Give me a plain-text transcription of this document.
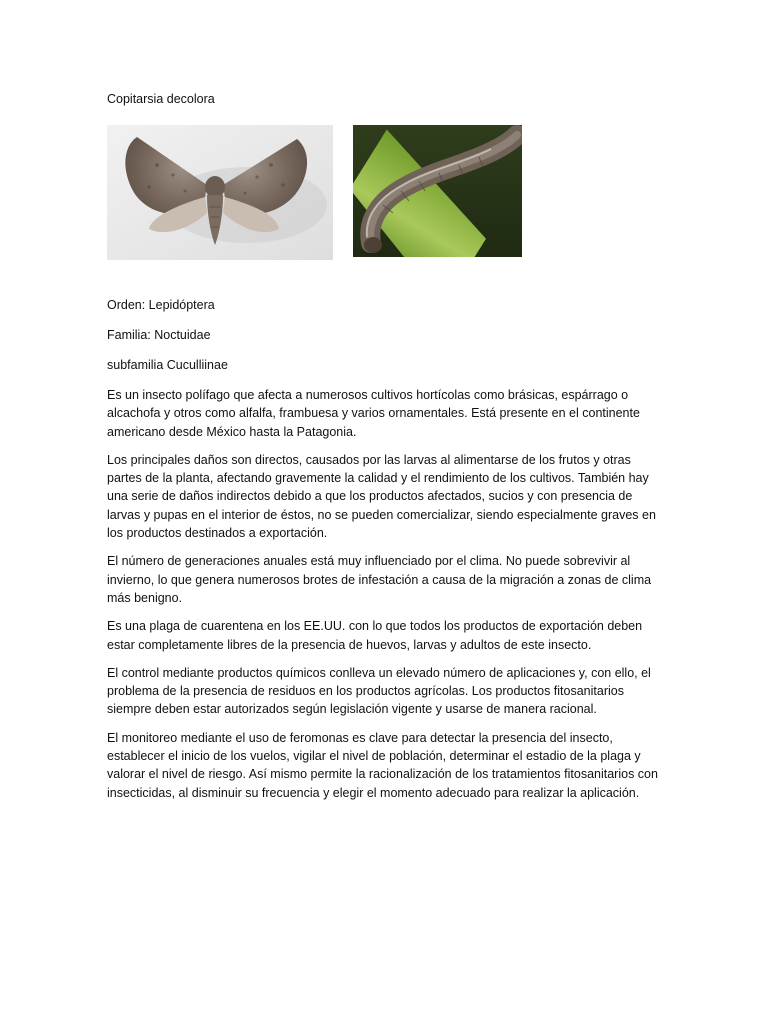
Copitarsia decolora
Orden: Lepidóptera
Familia: Noctuidae
subfamilia Cuculliinae

Es un insecto polífago que afecta a numerosos cultivos hortícolas como brásicas, espárrago o alcachofa y otros como alfalfa, frambuesa y varios ornamentales. Está presente en el continente americano desde México hasta la Patagonia.

Los principales daños son directos, causados por las larvas al alimentarse de los frutos y otras partes de la planta, afectando gravemente la calidad y el rendimiento de los cultivos. También hay una serie de daños indirectos debido a que los productos afectados, sucios y con presencia de larvas y pupas en el interior de éstos, no se pueden comercializar, siendo especialmente graves en los productos destinados a exportación.

El número de generaciones anuales está muy influenciado por el clima. No puede sobrevivir al invierno, lo que genera numerosos brotes de infestación a causa de la migración a zonas de clima más benigno.

Es una plaga de cuarentena en los EE.UU. con lo que todos los productos de exportación deben estar completamente libres de la presencia de huevos, larvas y adultos de este insecto.

El control mediante productos químicos conlleva un elevado número de aplicaciones y, con ello, el problema de la presencia de residuos en los productos agrícolas. Los productos fitosanitarios siempre deben estar autorizados según legislación vigente y usarse de manera racional.

El monitoreo mediante el uso de feromonas es clave para detectar la presencia del insecto, establecer el inicio de los vuelos, vigilar el nivel de población, determinar el estadio de la plaga y valorar el nivel de riesgo. Así mismo permite la racionalización de los tratamientos fitosanitarios con insecticidas, al disminuir su frecuencia y elegir el momento adecuado para realizar la aplicación.
